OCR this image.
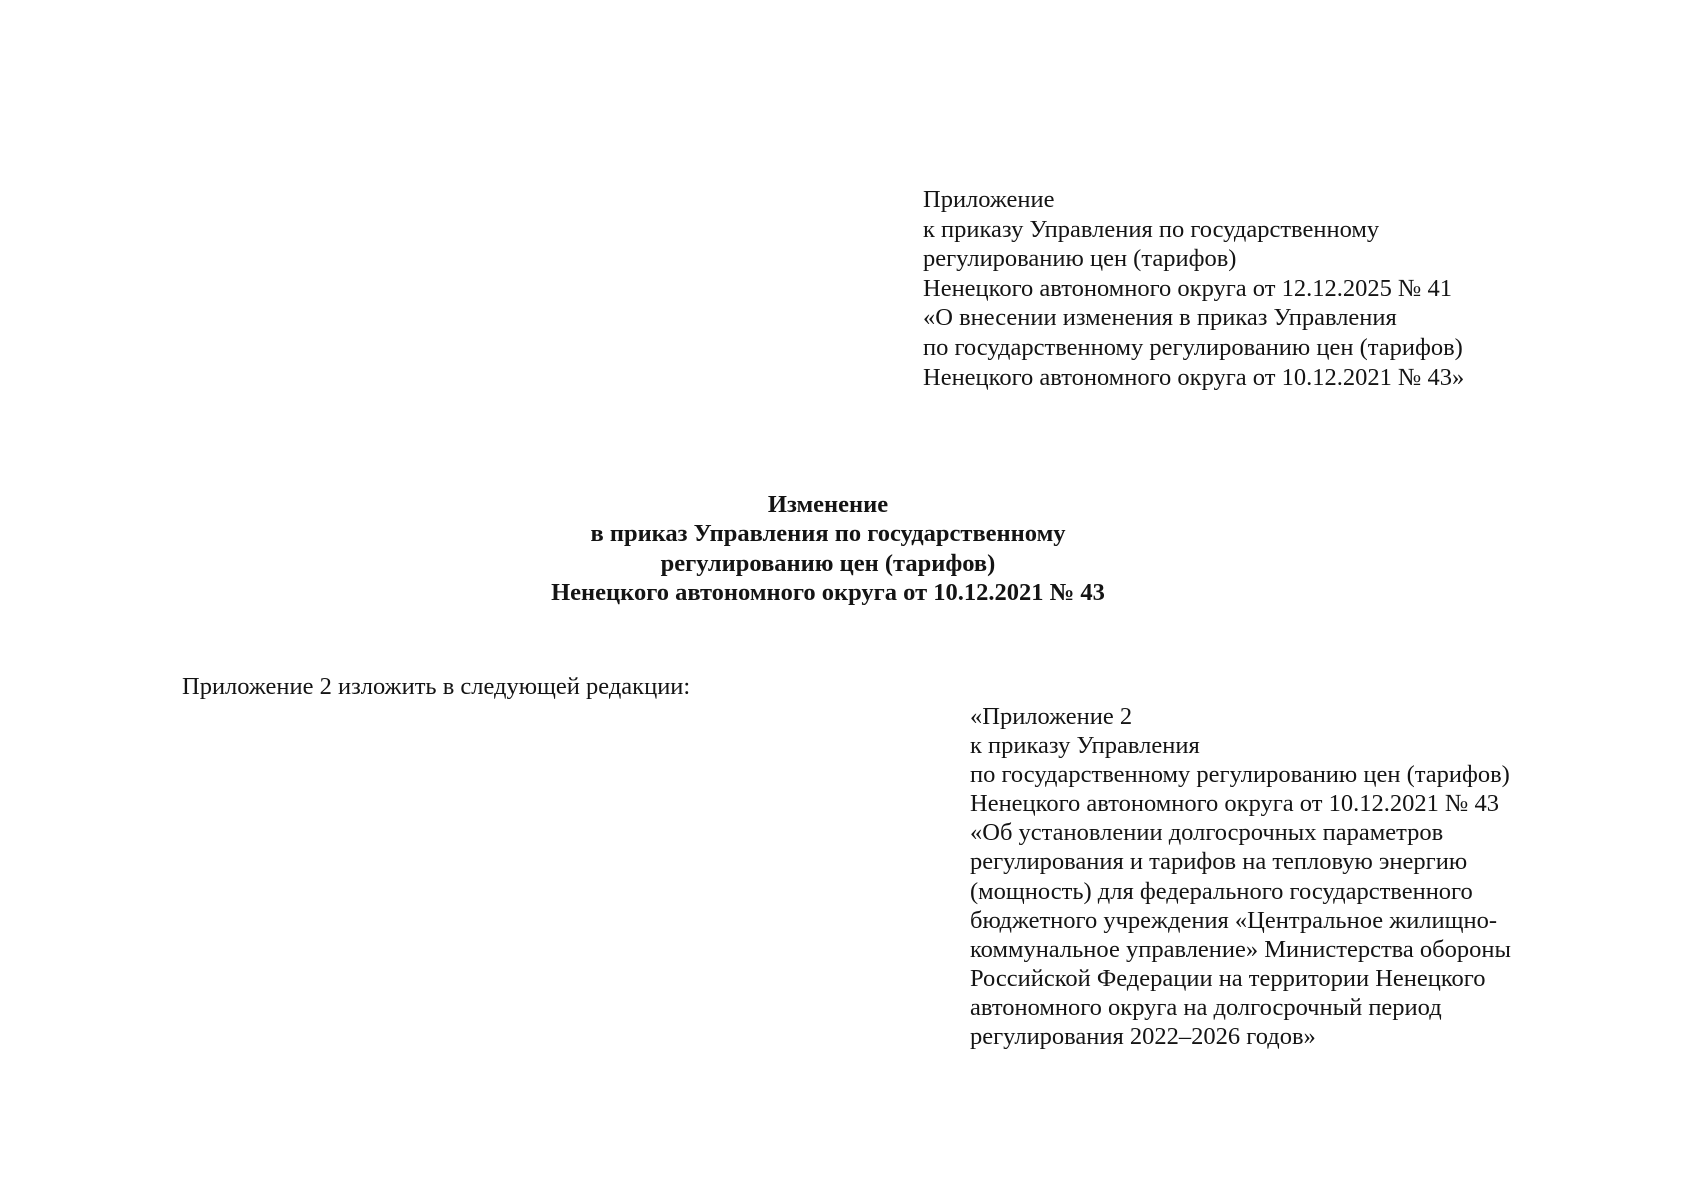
Приложение
к приказу Управления по государственному
регулированию цен (тарифов)
Ненецкого автономного округа от 12.12.2025 № 41
«О внесении изменения в приказ Управления
по государственному регулированию цен (тарифов)
Ненецкого автономного округа от 10.12.2021 № 43»
Изменение
в приказ Управления по государственному
регулированию цен (тарифов)
Ненецкого автономного округа от 10.12.2021 № 43
Приложение 2 изложить в следующей редакции:
«Приложение 2
к приказу Управления
по государственному регулированию цен (тарифов)
Ненецкого автономного округа от 10.12.2021 № 43
«Об установлении долгосрочных параметров
регулирования и тарифов на тепловую энергию
(мощность) для федерального государственного
бюджетного учреждения «Центральное жилищно-
коммунальное управление» Министерства обороны
Российской Федерации на территории Ненецкого
автономного округа на долгосрочный период
регулирования 2022–2026 годов»
